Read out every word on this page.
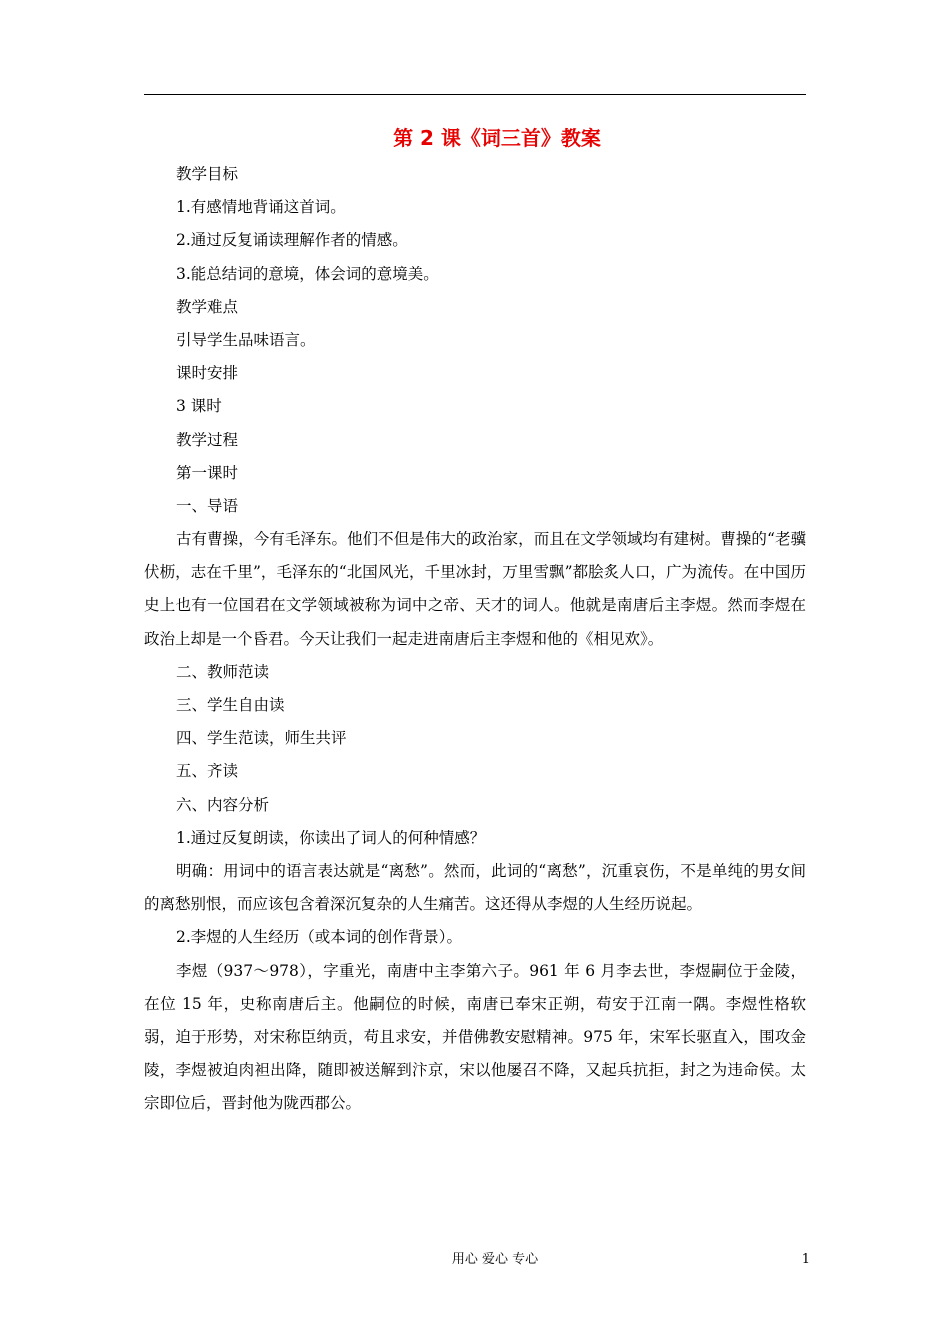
第 2 课《词三首》教案
教学目标
1.有感情地背诵这首词。
2.通过反复诵读理解作者的情感。
3.能总结词的意境，体会词的意境美。
教学难点
引导学生品味语言。
课时安排
3 课时
教学过程
第一课时
一、导语

古有曹操，今有毛泽东。他们不但是伟大的政治家，而且在文学领域均有建树。曹操的“老骥伏枥，志在千里”，毛泽东的“北国风光，千里冰封，万里雪飘”都脍炙人口，广为流传。在中国历史上也有一位国君在文学领域被称为词中之帝、天才的词人。他就是南唐后主李煜。然而李煜在政治上却是一个昏君。今天让我们一起走进南唐后主李煜和他的《相见欢》。

二、教师范读
三、学生自由读
四、学生范读，师生共评
五、齐读
六、内容分析
1.通过反复朗读，你读出了词人的何种情感？

明确：用词中的语言表达就是“离愁”。然而，此词的“离愁”，沉重哀伤，不是单纯的男女间的离愁别恨，而应该包含着深沉复杂的人生痛苦。这还得从李煜的人生经历说起。

2.李煜的人生经历（或本词的创作背景）。

李煜（937～978），字重光，南唐中主李第六子。961 年 6 月李去世，李煜嗣位于金陵，在位 15 年，史称南唐后主。他嗣位的时候，南唐已奉宋正朔，苟安于江南一隅。李煜性格软弱，迫于形势，对宋称臣纳贡，苟且求安，并借佛教安慰精神。975 年，宋军长驱直入，围攻金陵，李煜被迫肉袒出降，随即被送解到汴京，宋以他屡召不降，又起兵抗拒，封之为违命侯。太宗即位后，晋封他为陇西郡公。

用心 爱心 专心	1
